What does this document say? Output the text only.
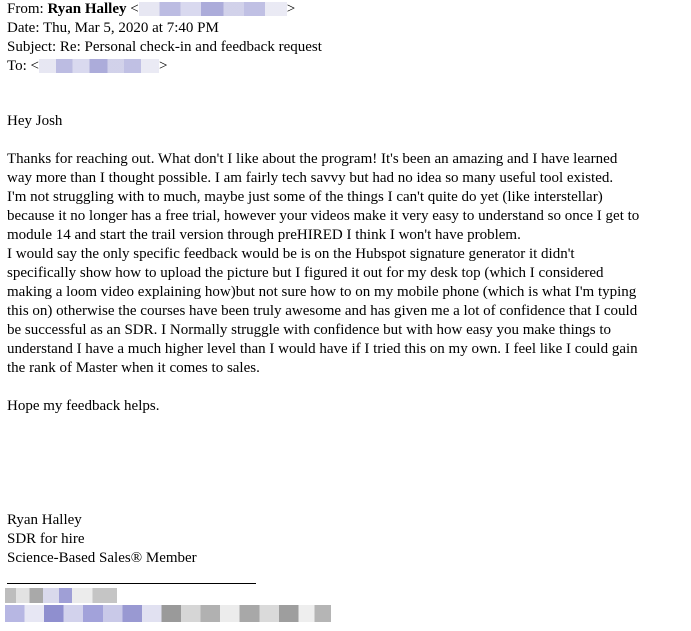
From: Ryan Halley <	>
Date: Thu, Mar 5, 2020 at 7:40 PM
Subject: Re: Personal check-in and feedback request
To: <	>

Hey Josh

Thanks for reaching out. What don't I like about the program! It's been an amazing and I have learned
way more than I thought possible. I am fairly tech savvy but had no idea so many useful tool existed.
I'm not struggling with to much, maybe just some of the things I can't quite do yet (like interstellar)
because it no longer has a free trial, however your videos make it very easy to understand so once I get to
module 14 and start the trail version through preHIRED I think I won't have problem.
I would say the only specific feedback would be is on the Hubspot signature generator it didn't
specifically show how to upload the picture but I figured it out for my desk top (which I considered
making a loom video explaining how)but not sure how to on my mobile phone (which is what I'm typing
this on) otherwise the courses have been truly awesome and has given me a lot of confidence that I could
be successful as an SDR. I Normally struggle with confidence but with how easy you make things to
understand I have a much higher level than I would have if I tried this on my own. I feel like I could gain
the rank of Master when it comes to sales.

Hope my feedback helps.

Ryan Halley
SDR for hire
Science-Based Sales® Member
